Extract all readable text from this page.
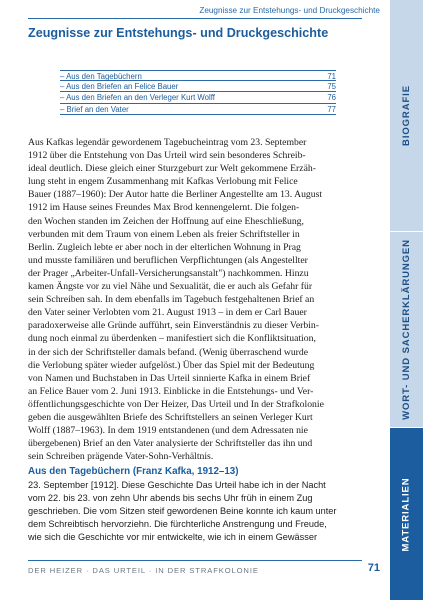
BIOGRAFIE
WORT- UND SACHERKLÄRUNGEN
MATERIALIEN
Zeugnisse zur Entstehungs- und Druckgeschichte
Zeugnisse zur Entstehungs- und Druckgeschichte
– Aus den Tagebüchern	71
– Aus den Briefen an Felice Bauer	75
– Aus den Briefen an den Verleger Kurt Wolff	76
– Brief an den Vater	77
Aus Kafkas legendär gewordenem Tagebucheintrag vom 23. September
1912 über die Entstehung von Das Urteil wird sein besonderes Schreib-
ideal deutlich. Diese gleich einer Sturzgeburt zur Welt gekommene Erzäh-
lung steht in engem Zusammenhang mit Kafkas Verlobung mit Felice
Bauer (1887–1960): Der Autor hatte die Berliner Angestellte am 13. August
1912 im Hause seines Freundes Max Brod kennengelernt. Die folgen-
den Wochen standen im Zeichen der Hoffnung auf eine Eheschließung,
verbunden mit dem Traum von einem Leben als freier Schriftsteller in
Berlin. Zugleich lebte er aber noch in der elterlichen Wohnung in Prag
und musste familiären und beruflichen Verpflichtungen (als Angestellter
der Prager „Arbeiter-Unfall-Versicherungsanstalt") nachkommen. Hinzu
kamen Ängste vor zu viel Nähe und Sexualität, die er auch als Gefahr für
sein Schreiben sah. In dem ebenfalls im Tagebuch festgehaltenen Brief an
den Vater seiner Verlobten vom 21. August 1913 – in dem er Carl Bauer
paradoxerweise alle Gründe aufführt, sein Einverständnis zu dieser Verbin-
dung noch einmal zu überdenken – manifestiert sich die Konfliktsituation,
in der sich der Schriftsteller damals befand. (Wenig überraschend wurde
die Verlobung später wieder aufgelöst.) Über das Spiel mit der Bedeutung
von Namen und Buchstaben in Das Urteil sinnierte Kafka in einem Brief
an Felice Bauer vom 2. Juni 1913. Einblicke in die Entstehungs- und Ver-
öffentlichungsgeschichte von Der Heizer, Das Urteil und In der Strafkolonie
geben die ausgewählten Briefe des Schriftstellers an seinen Verleger Kurt
Wolff (1887–1963). In dem 1919 entstandenen (und dem Adressaten nie
übergebenen) Brief an den Vater analysierte der Schriftsteller das ihn und
sein Schreiben prägende Vater-Sohn-Verhältnis.
Aus den Tagebüchern (Franz Kafka, 1912–13)
23. September [1912]. Diese Geschichte Das Urteil habe ich in der Nacht
vom 22. bis 23. von zehn Uhr abends bis sechs Uhr früh in einem Zug
geschrieben. Die vom Sitzen steif gewordenen Beine konnte ich kaum unter
dem Schreibtisch hervorziehn. Die fürchterliche Anstrengung und Freude,
wie sich die Geschichte vor mir entwickelte, wie ich in einem Gewässer
DER HEIZER · DAS URTEIL · IN DER STRAFKOLONIE	71
